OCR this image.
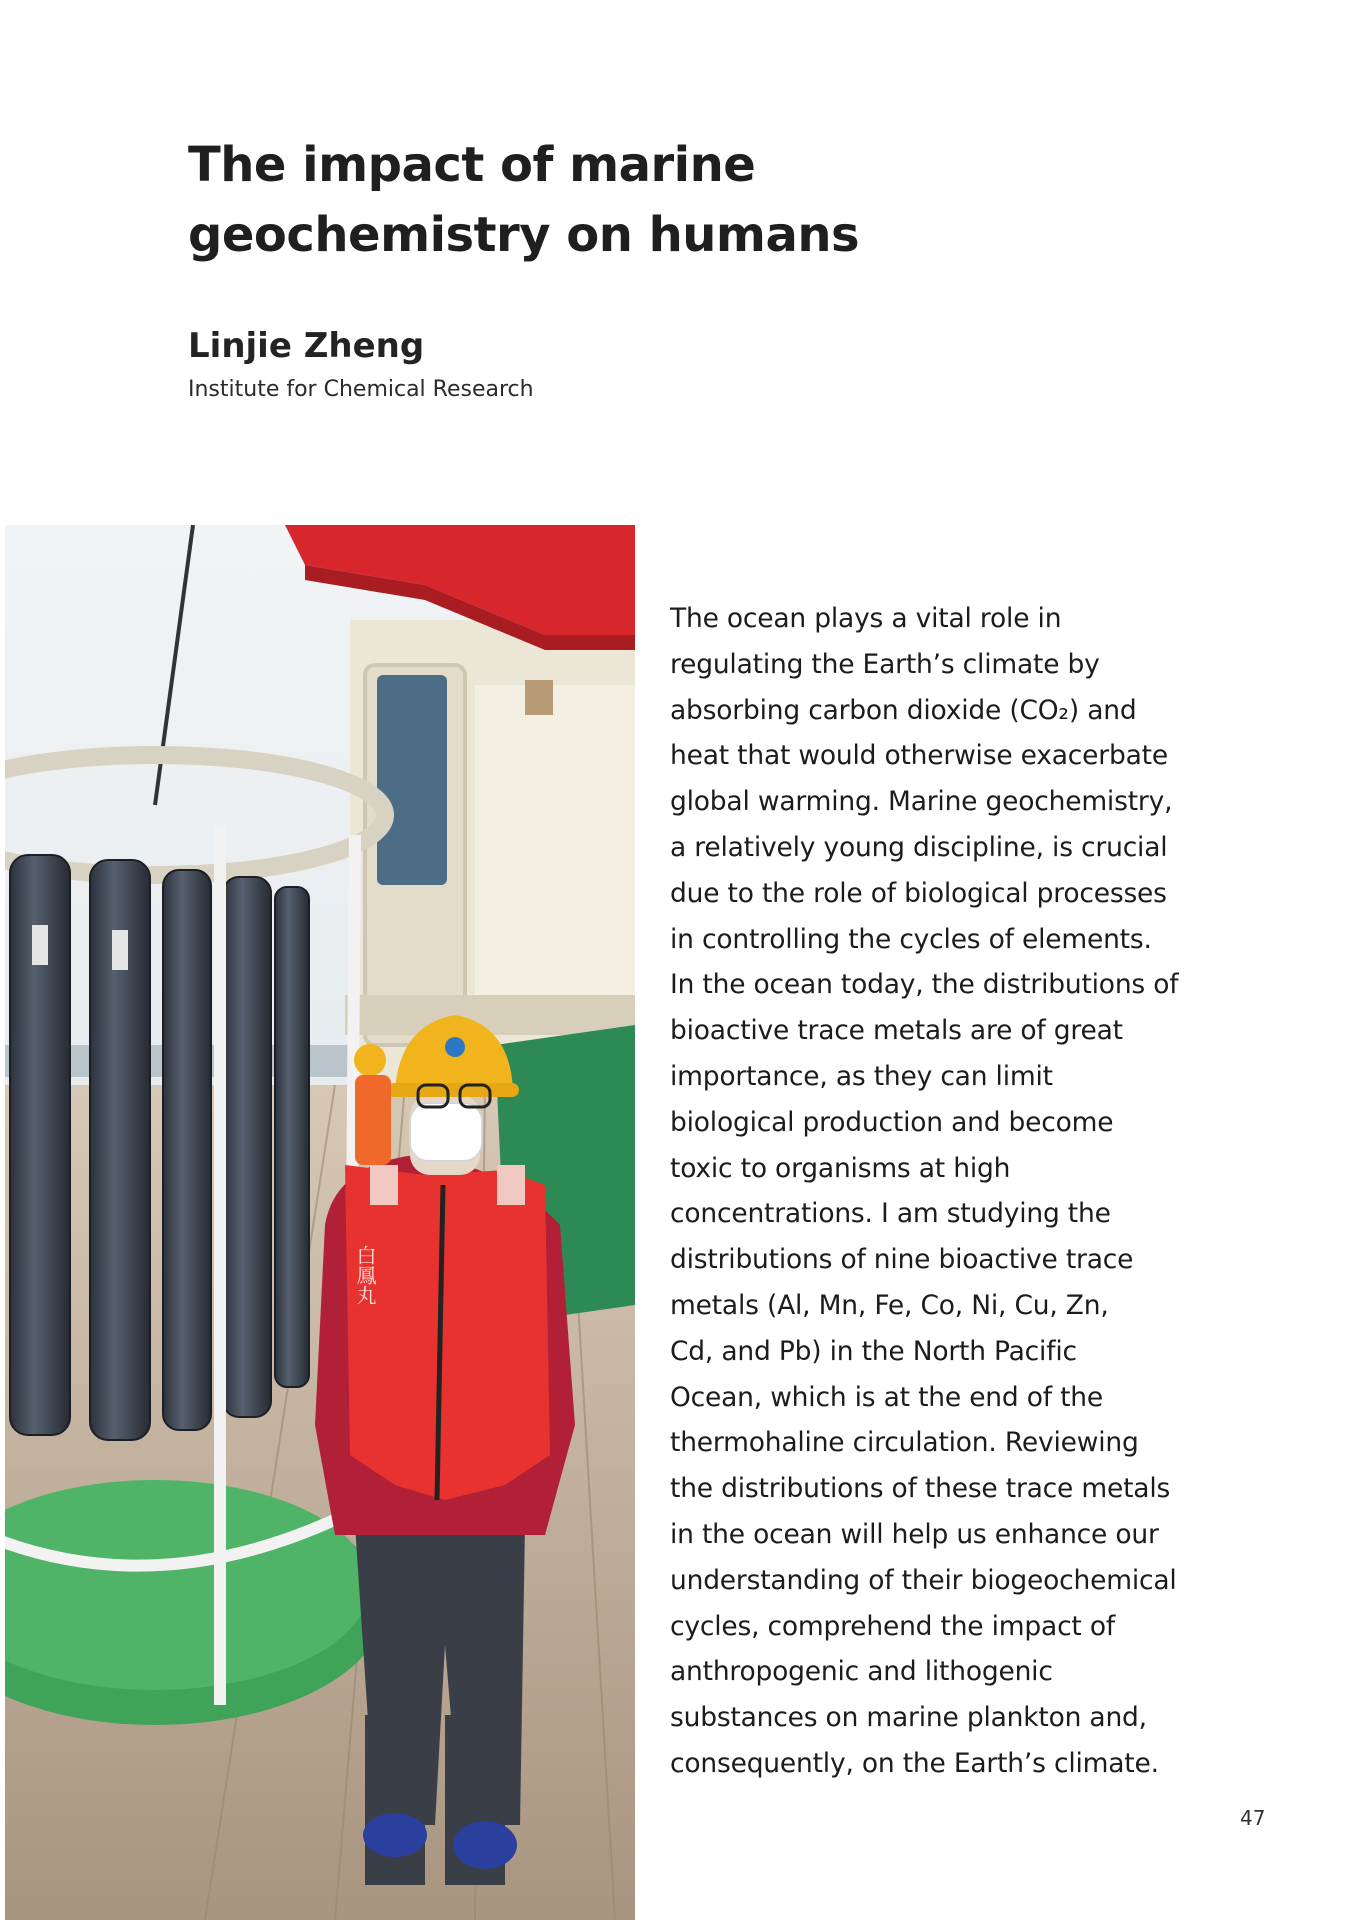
The impact of marine
geochemistry on humans
Linjie Zheng
Institute for Chemical Research
白鳳丸

The ocean plays a vital role in
regulating the Earth’s climate by
absorbing carbon dioxide (CO₂) and
heat that would otherwise exacerbate
global warming. Marine geochemistry,
a relatively young discipline, is crucial
due to the role of biological processes
in controlling the cycles of elements.
In the ocean today, the distributions of
bioactive trace metals are of great
importance, as they can limit
biological production and become
toxic to organisms at high
concentrations. I am studying the
distributions of nine bioactive trace
metals (Al, Mn, Fe, Co, Ni, Cu, Zn,
Cd, and Pb) in the North Pacific
Ocean, which is at the end of the
thermohaline circulation. Reviewing
the distributions of these trace metals
in the ocean will help us enhance our
understanding of their biogeochemical
cycles, comprehend the impact of
anthropogenic and lithogenic
substances on marine plankton and,
consequently, on the Earth’s climate.

47
